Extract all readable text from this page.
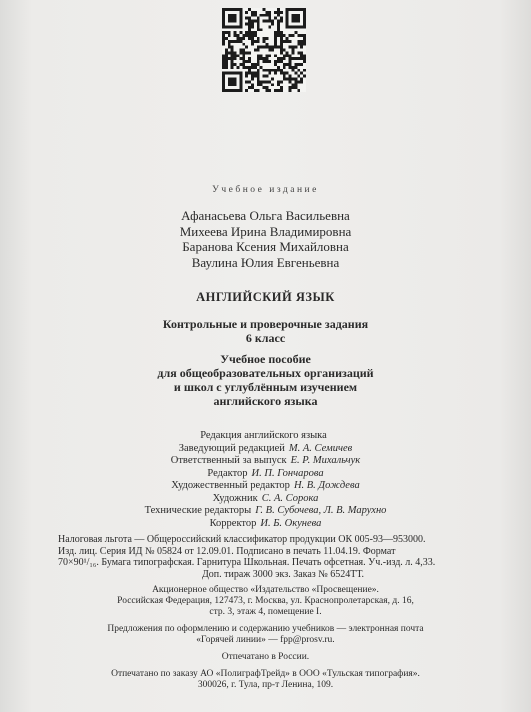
Учебное издание
Афанасьева Ольга Васильевна
Михеева Ирина Владимировна
Баранова Ксения Михайловна
Ваулина Юлия Евгеньевна
АНГЛИЙСКИЙ ЯЗЫК
Контрольные и проверочные задания
6 класс
Учебное пособие
для общеобразовательных организаций
и школ с углублённым изучением
английского языка
Редакция английского языка
Заведующий редакцией М. А. Семичев
Ответственный за выпуск Е. Р. Михальчук
Редактор И. П. Гончарова
Художественный редактор Н. В. Дождева
Художник С. А. Сорока
Технические редакторы Г. В. Субочева, Л. В. Марухно
Корректор И. Б. Окунева
Налоговая льгота — Общероссийский классификатор продукции ОК 005-93—953000.
Изд. лиц. Серия ИД № 05824 от 12.09.01. Подписано в печать 11.04.19. Формат
70×90¹/₁₆. Бумага типографская. Гарнитура Школьная. Печать офсетная. Уч.-изд. л. 4,33.
Доп. тираж 3000 экз. Заказ № 6524ТТ.
Акционерное общество «Издательство «Просвещение».
Российская Федерация, 127473, г. Москва, ул. Краснопролетарская, д. 16,
стр. 3, этаж 4, помещение I.
Предложения по оформлению и содержанию учебников — электронная почта
«Горячей линии» — fpp@prosv.ru.
Отпечатано в России.
Отпечатано по заказу АО «ПолиграфТрейд» в ООО «Тульская типография».
300026, г. Тула, пр-т Ленина, 109.
